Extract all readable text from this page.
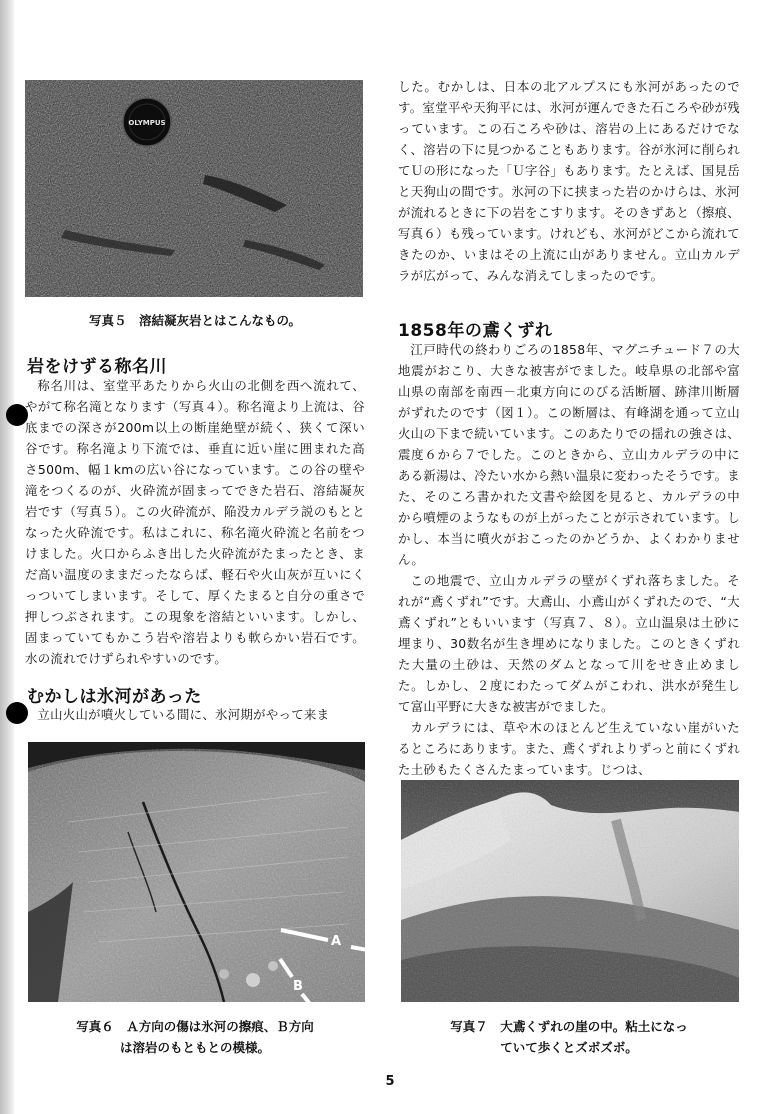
OLYMPUS
写真５　溶結凝灰岩とはこんなもの。
岩をけずる称名川

称名川は、室堂平あたりから火山の北側を西へ流れて、やがて称名滝となります（写真４）。称名滝より上流は、谷底までの深さが200m以上の断崖絶壁が続く、狭くて深い谷です。称名滝より下流では、垂直に近い崖に囲まれた高さ500m、幅１kmの広い谷になっています。この谷の壁や滝をつくるのが、火砕流が固まってできた岩石、溶結凝灰岩です（写真５）。この火砕流が、陥没カルデラ説のもととなった火砕流です。私はこれに、称名滝火砕流と名前をつけました。火口からふき出した火砕流がたまったとき、まだ高い温度のままだったならば、軽石や火山灰が互いにくっついてしまいます。そして、厚くたまると自分の重さで押しつぶされます。この現象を溶結といいます。しかし、固まっていてもかこう岩や溶岩よりも軟らかい岩石です。水の流れでけずられやすいのです。

むかしは氷河があった

立山火山が噴火している間に、氷河期がやって来ま

A
B
写真６　Ａ方向の傷は氷河の擦痕、Ｂ方向
は溶岩のもともとの模様。

した。むかしは、日本の北アルプスにも氷河があったのです。室堂平や天狗平には、氷河が運んできた石ころや砂が残っています。この石ころや砂は、溶岩の上にあるだけでなく、溶岩の下に見つかることもあります。谷が氷河に削られてＵの形になった「Ｕ字谷」もあります。たとえば、国見岳と天狗山の間です。氷河の下に挟まった岩のかけらは、氷河が流れるときに下の岩をこすります。そのきずあと（擦痕、写真６）も残っています。けれども、氷河がどこから流れてきたのか、いまはその上流に山がありません。立山カルデラが広がって、みんな消えてしまったのです。

1858年の鳶くずれ

江戸時代の終わりごろの1858年、マグニチュード７の大地震がおこり、大きな被害がでました。岐阜県の北部や富山県の南部を南西－北東方向にのびる活断層、跡津川断層がずれたのです（図１）。この断層は、有峰湖を通って立山火山の下まで続いています。このあたりでの揺れの強さは、震度６から７でした。このときから、立山カルデラの中にある新湯は、冷たい水から熱い温泉に変わったそうです。また、そのころ書かれた文書や絵図を見ると、カルデラの中から噴煙のようなものが上がったことが示されています。しかし、本当に噴火がおこったのかどうか、よくわかりません。

この地震で、立山カルデラの壁がくずれ落ちました。それが“鳶くずれ”です。大鳶山、小鳶山がくずれたので、“大鳶くずれ”ともいいます（写真７、８）。立山温泉は土砂に埋まり、30数名が生き埋めになりました。このときくずれた大量の土砂は、天然のダムとなって川をせき止めました。しかし、２度にわたってダムがこわれ、洪水が発生して富山平野に大きな被害がでました。

カルデラには、草や木のほとんど生えていない崖がいたるところにあります。また、鳶くずれよりずっと前にくずれた土砂もたくさんたまっています。じつは、

写真７　大鳶くずれの崖の中。粘土になっ
ていて歩くとズボズボ。
5
